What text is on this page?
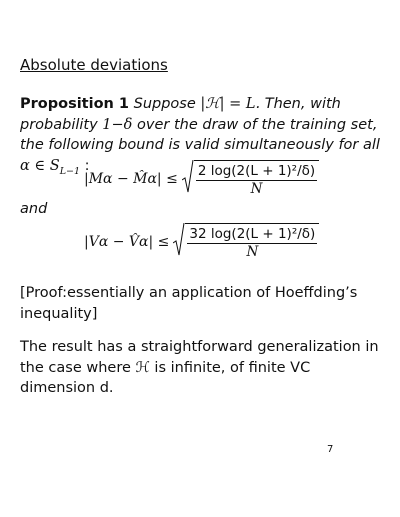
Absolute deviations
Proposition 1 Suppose |ℋ| = L. Then, with probability 1−δ over the draw of the training set, the following bound is valid simultaneously for all α ∈ $S_{L-1}$ :
|Mα − M̂α| ≤ $\frac{\text{2 log(2(L + 1)²/δ)}}{N}$
and
|Vα − V̂α| ≤ $\frac{\text{32 log(2(L + 1)²/δ)}}{N}$
[Proof:essentially an application of Hoeffding’s inequality]
The result has a straightforward generalization in the case where ℋ is infinite, of finite VC dimension d.
7
